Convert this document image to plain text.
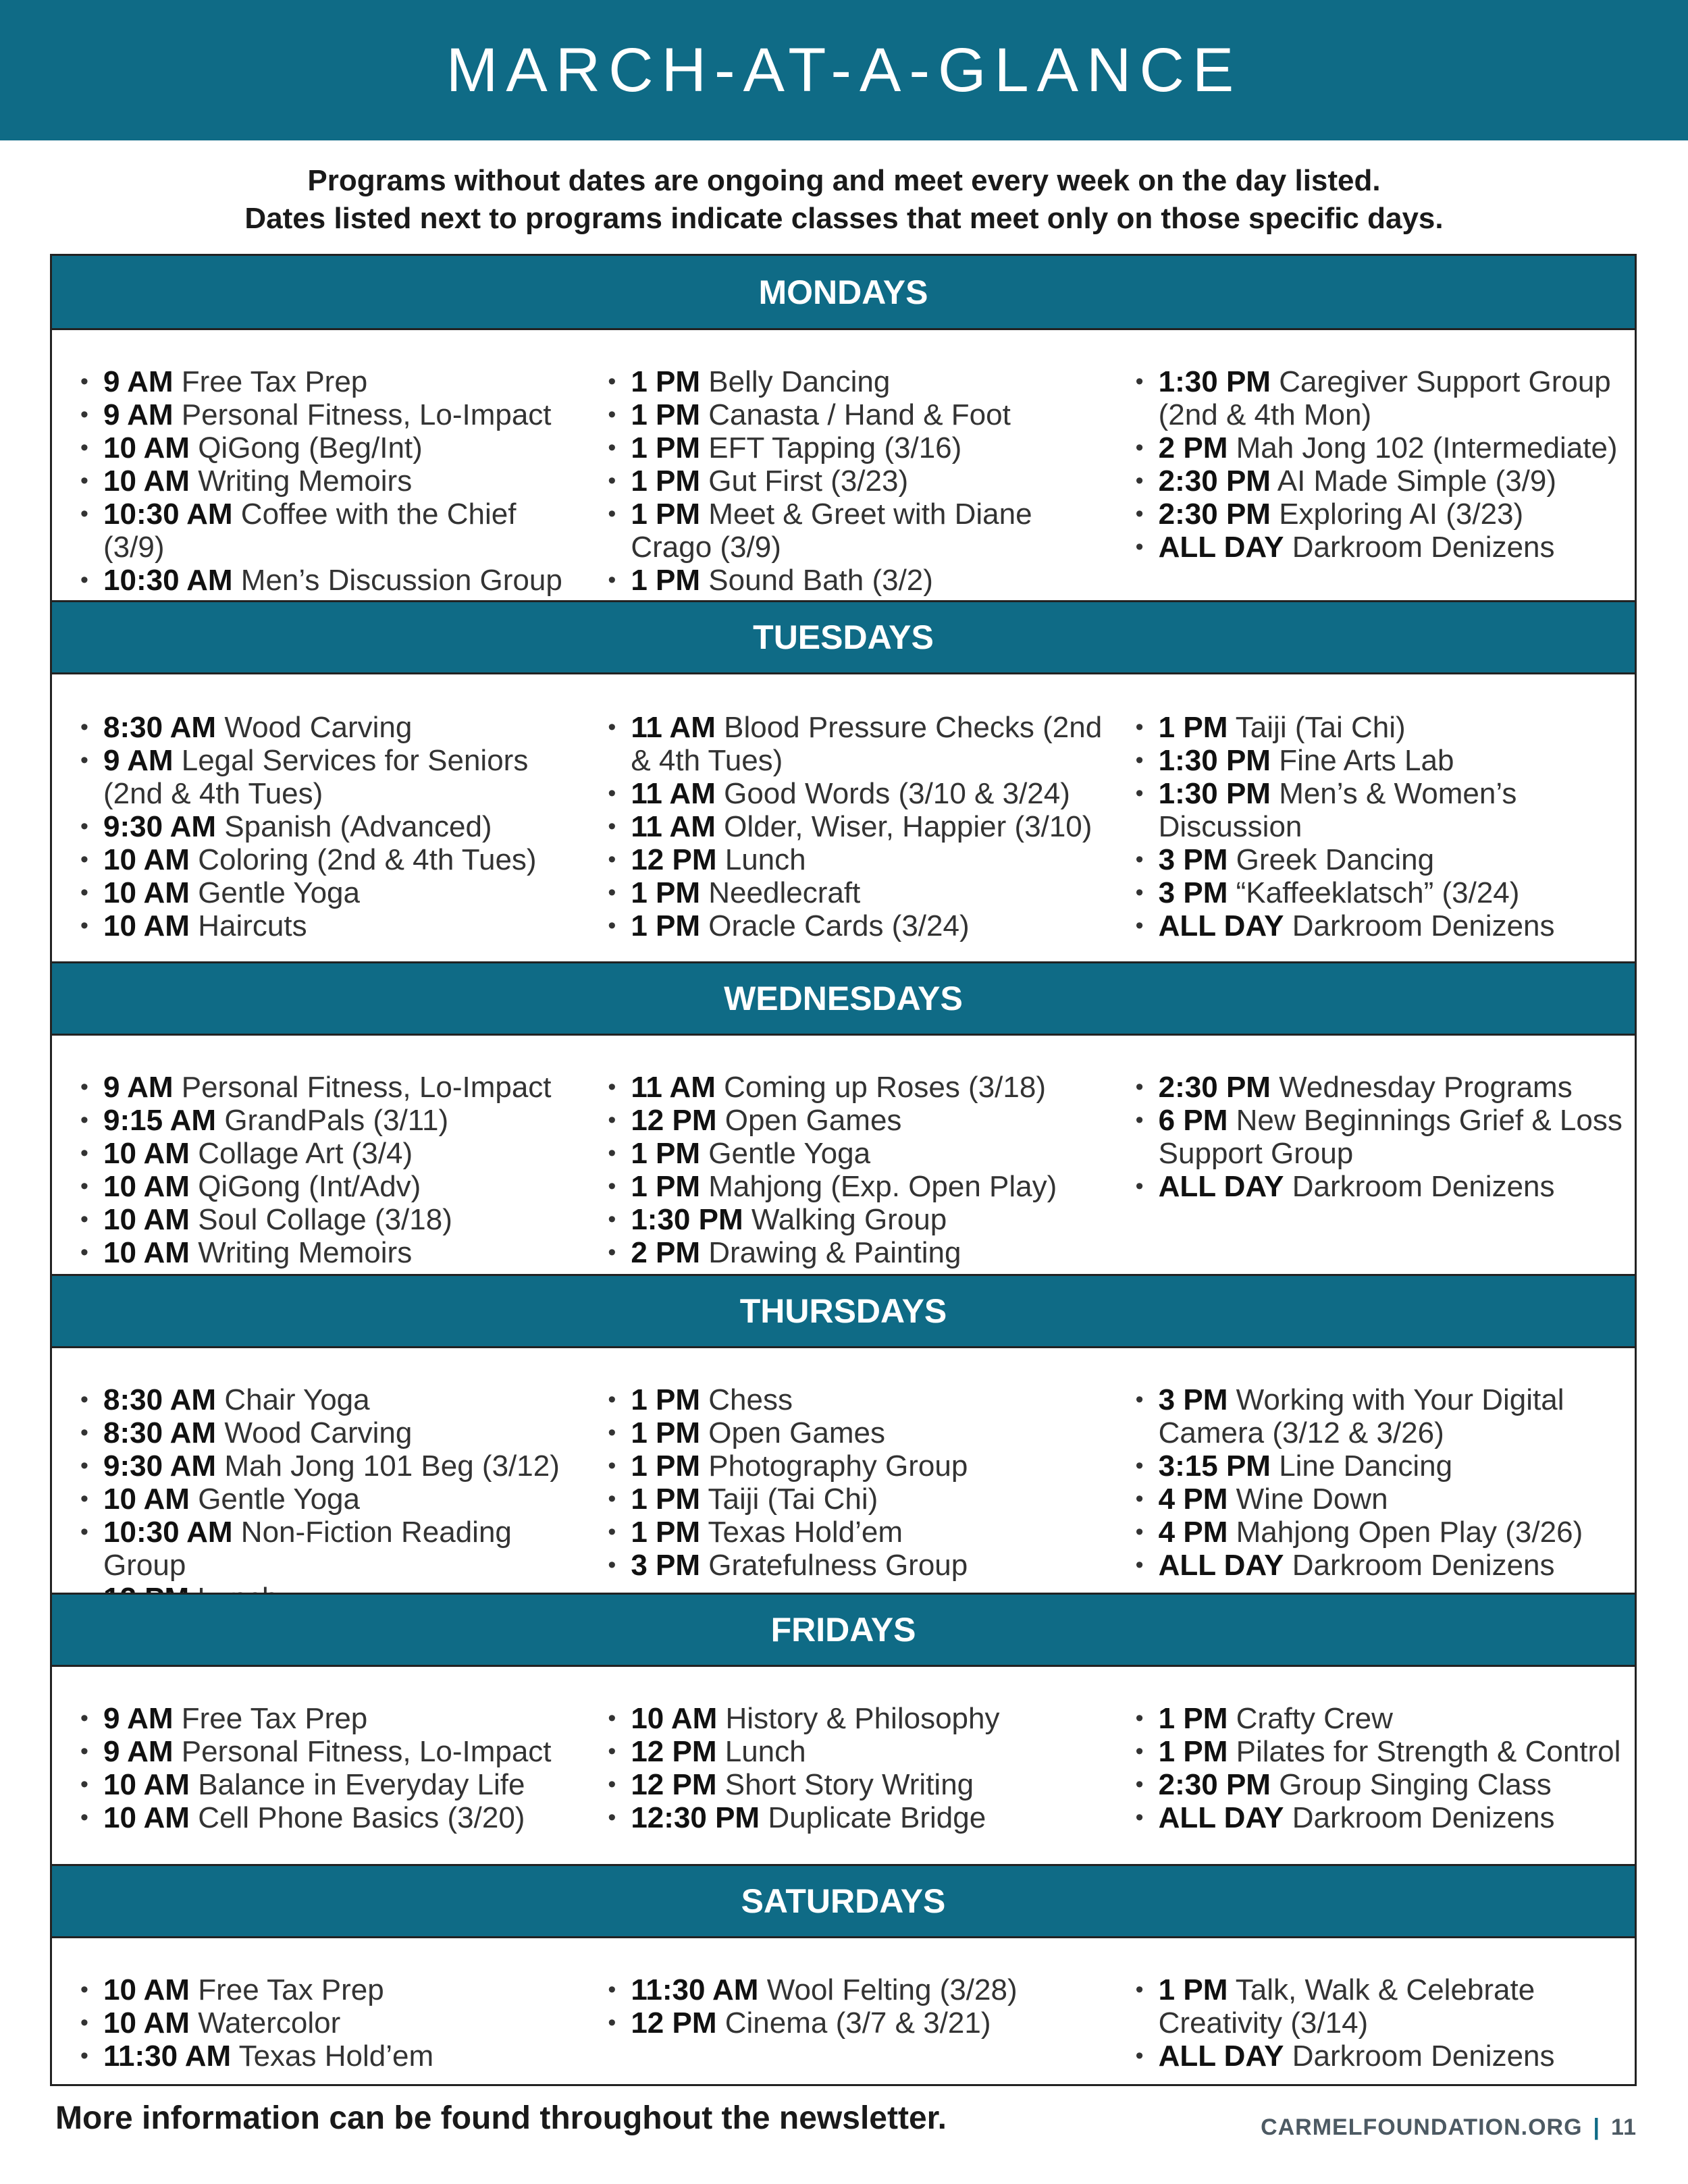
MARCH-AT-A-GLANCE
Programs without dates are ongoing and meet every week on the day listed.
Dates listed next to programs indicate classes that meet only on those specific days.
MONDAYS
• 9 AM Free Tax Prep
• 9 AM Personal Fitness, Lo-Impact
• 10 AM QiGong (Beg/Int)
• 10 AM Writing Memoirs
• 10:30 AM Coffee with the Chief (3/9)
• 10:30 AM Men’s Discussion Group
•
• 1 PM Belly Dancing
• 1 PM Canasta / Hand & Foot
• 1 PM EFT Tapping (3/16)
• 1 PM Gut First (3/23)
• 1 PM Meet & Greet with Diane Crago (3/9)
• 1 PM Sound Bath (3/2)
• 1:30 PM Caregiver Support Group (2nd & 4th Mon)
• 2 PM Mah Jong 102 (Intermediate)
• 2:30 PM AI Made Simple (3/9)
• 2:30 PM Exploring AI (3/23)
• ALL DAY Darkroom Denizens
TUESDAYS
• 8:30 AM Wood Carving
• 9 AM Legal Services for Seniors (2nd & 4th Tues)
• 9:30 AM Spanish (Advanced)
• 10 AM Coloring (2nd & 4th Tues)
• 10 AM Gentle Yoga
• 10 AM Haircuts
• 11 AM Blood Pressure Checks (2nd & 4th Tues)
• 11 AM Good Words (3/10 & 3/24)
• 11 AM Older, Wiser, Happier (3/10)
• 12 PM Lunch
• 1 PM Needlecraft
• 1 PM Oracle Cards (3/24)
• 1 PM Taiji (Tai Chi)
• 1:30 PM Fine Arts Lab
• 1:30 PM Men’s & Women’s Discussion
• 3 PM Greek Dancing
• 3 PM “Kaffeeklatsch” (3/24)
• ALL DAY Darkroom Denizens
WEDNESDAYS
• 9 AM Personal Fitness, Lo-Impact
• 9:15 AM GrandPals (3/11)
• 10 AM Collage Art (3/4)
• 10 AM QiGong (Int/Adv)
• 10 AM Soul Collage (3/18)
• 10 AM Writing Memoirs
• 11 AM Coming up Roses (3/18)
• 12 PM Open Games
• 1 PM Gentle Yoga
• 1 PM Mahjong (Exp. Open Play)
• 1:30 PM Walking Group
• 2 PM Drawing & Painting
• 2:30 PM Wednesday Programs
• 6 PM New Beginnings Grief & Loss Support Group
• ALL DAY Darkroom Denizens
THURSDAYS
• 8:30 AM Chair Yoga
• 8:30 AM Wood Carving
• 9:30 AM Mah Jong 101 Beg (3/12)
• 10 AM Gentle Yoga
• 10:30 AM Non-Fiction Reading Group
•
• 1 PM Chess
• 1 PM Open Games
• 1 PM Photography Group
• 1 PM Taiji (Tai Chi)
• 1 PM Texas Hold’em
• 3 PM Gratefulness Group
• 3 PM Working with Your Digital Camera (3/12 & 3/26)
• 3:15 PM Line Dancing
• 4 PM Wine Down
• 4 PM Mahjong Open Play (3/26)
• ALL DAY Darkroom Denizens
FRIDAYS
• 9 AM Free Tax Prep
• 9 AM Personal Fitness, Lo-Impact
• 10 AM Balance in Everyday Life
• 10 AM Cell Phone Basics (3/20)
• 10 AM History & Philosophy
• 12 PM Lunch
• 12 PM Short Story Writing
• 12:30 PM Duplicate Bridge
• 1 PM Crafty Crew
• 1 PM Pilates for Strength & Control
• 2:30 PM Group Singing Class
• ALL DAY Darkroom Denizens
SATURDAYS
• 10 AM Free Tax Prep
• 10 AM Watercolor
• 11:30 AM Texas Hold’em
• 11:30 AM Wool Felting (3/28)
• 12 PM Cinema (3/7 & 3/21)
• 1 PM Talk, Walk & Celebrate Creativity (3/14)
• ALL DAY Darkroom Denizens
More information can be found throughout the newsletter.	CARMELFOUNDATION.ORG | 11
